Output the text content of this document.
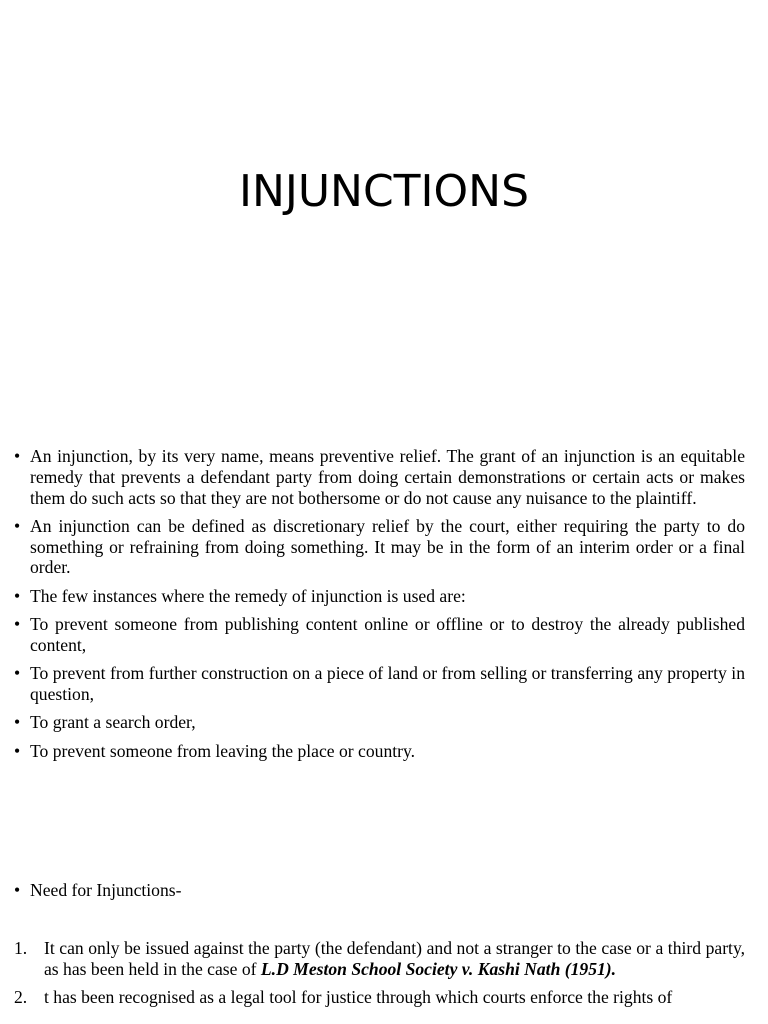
INJUNCTIONS
• An injunction, by its very name, means preventive relief. The grant of an injunction is an equitable remedy that prevents a defendant party from doing certain demonstrations or certain acts or makes them do such acts so that they are not bothersome or do not cause any nuisance to the plaintiff.
• An injunction can be defined as discretionary relief by the court, either requiring the party to do something or refraining from doing something. It may be in the form of an interim order or a final order.
• The few instances where the remedy of injunction is used are:
• To prevent someone from publishing content online or offline or to destroy the already published content,
• To prevent from further construction on a piece of land or from selling or transferring any property in question,
• To grant a search order,
• To prevent someone from leaving the place or country.
• Need for Injunctions-
1. It can only be issued against the party (the defendant) and not a stranger to the case or a third party, as has been held in the case of L.D Meston School Society v. Kashi Nath (1951).
2. t has been recognised as a legal tool for justice through which courts enforce the rights of
